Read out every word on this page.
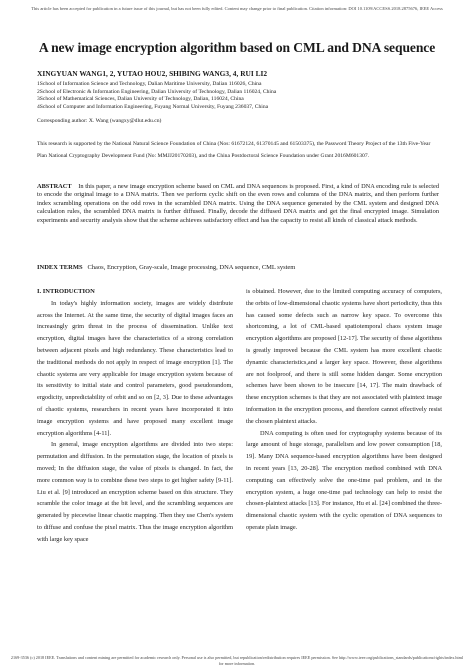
This article has been accepted for publication in a future issue of this journal, but has not been fully edited. Content may change prior to final publication. Citation information: DOI 10.1109/ACCESS.2018.2875676, IEEE Access
A new image encryption algorithm based on CML and DNA sequence
XINGYUAN WANG1, 2, YUTAO HOU2, SHIBING WANG3, 4, RUI LI2
1School of Information Science and Technology, Dalian Maritime University, Dalian 116026, China
2School of Electronic & Information Engineering, Dalian University of Technology, Dalian 116024, China
3School of Mathematical Sciences, Dalian University of Technology, Dalian, 116024, China
4School of Computer and Information Engineering, Fuyang Normal University, Fuyang 236037, China
Corresponding author: X. Wang (wangxy@dlut.edu.cn)
This research is supported by the National Natural Science Foundation of China (Nos: 61672124, 61370145 and 61503375), the Password Theory Project of the 13th Five-Year Plan National Cryptography Development Fund (No: MMJJ20170203), and the China Postdoctoral Science Foundation under Grant 2016M601307.
ABSTRACT In this paper, a new image encryption scheme based on CML and DNA sequences is proposed. First, a kind of DNA encoding rule is selected to encode the original image to a DNA matrix. Then we perform cyclic shift on the even rows and columns of the DNA matrix, and then perform further index scrambling operations on the odd rows in the scrambled DNA matrix. Using the DNA sequence generated by the CML system and designed DNA calculation rules, the scrambled DNA matrix is further diffused. Finally, decode the diffused DNA matrix and get the final encrypted image. Simulation experiments and security analysis show that the scheme achieves satisfactory effect and has the capacity to resist all kinds of classical attack methods.
INDEX TERMS Chaos, Encryption, Gray-scale, Image processing, DNA sequence, CML system
I. INTRODUCTION

In today's highly information society, images are widely distribute across the Internet. At the same time, the security of digital images faces an increasingly grim threat in the process of dissemination. Unlike text encryption, digital images have the characteristics of a strong correlation between adjacent pixels and high redundancy. These characteristics lead to the traditional methods do not apply in respect of image encryption [1]. The chaotic systems are very applicable for image encryption system because of its sensitivity to initial state and control parameters, good pseudorandom, ergodicity, unpredictability of orbit and so on [2, 3]. Due to these advantages of chaotic systems, researchers in recent years have incorporated it into image encryption systems and have proposed many excellent image encryption algorithms [4-11].

In general, image encryption algorithms are divided into two steps: permutation and diffusion. In the permutation stage, the location of pixels is moved; In the diffusion stage, the value of pixels is changed. In fact, the more common way is to combine these two steps to get higher safety [9-11]. Liu et al. [9] introduced an encryption scheme based on this structure. They scramble the color image at the bit level, and the scrambling sequences are generated by piecewise linear chaotic mapping. Then they use Chen's system to diffuse and confuse the pixel matrix. Thus the image encryption algorithm with large key space

is obtained. However, due to the limited computing accuracy of computers, the orbits of low-dimensional chaotic systems have short periodicity, thus this has caused some defects such as narrow key space. To overcome this shortcoming, a lot of CML-based spatiotemporal chaos system image encryption algorithms are proposed [12-17]. The security of these algorithms is greatly improved because the CML system has more excellent chaotic dynamic characteristics,and a larger key space. However, these algorithms are not foolproof, and there is still some hidden danger. Some encryption schemes have been shown to be insecure [14, 17]. The main drawback of these encryption schemes is that they are not associated with plaintext image information in the encryption process, and therefore cannot effectively resist the chosen plaintext attacks.

DNA computing is often used for cryptography systems because of its large amount of huge storage, parallelism and low power consumption [18, 19]. Many DNA sequence-based encryption algorithms have been designed in recent years [13, 20-28]. The encryption method combined with DNA computing can effectively solve the one-time pad problem, and in the encryption system, a huge one-time pad technology can help to resist the chosen-plaintext attacks [13]. For instance, Hu et al. [24] combined the three-dimensional chaotic system with the cyclic operation of DNA sequences to operate plain image.

2169-3536 (c) 2018 IEEE. Translations and content mining are permitted for academic research only. Personal use is also permitted, but republication/redistribution requires IEEE permission. See http://www.ieee.org/publications_standards/publications/rights/index.html for more information.
